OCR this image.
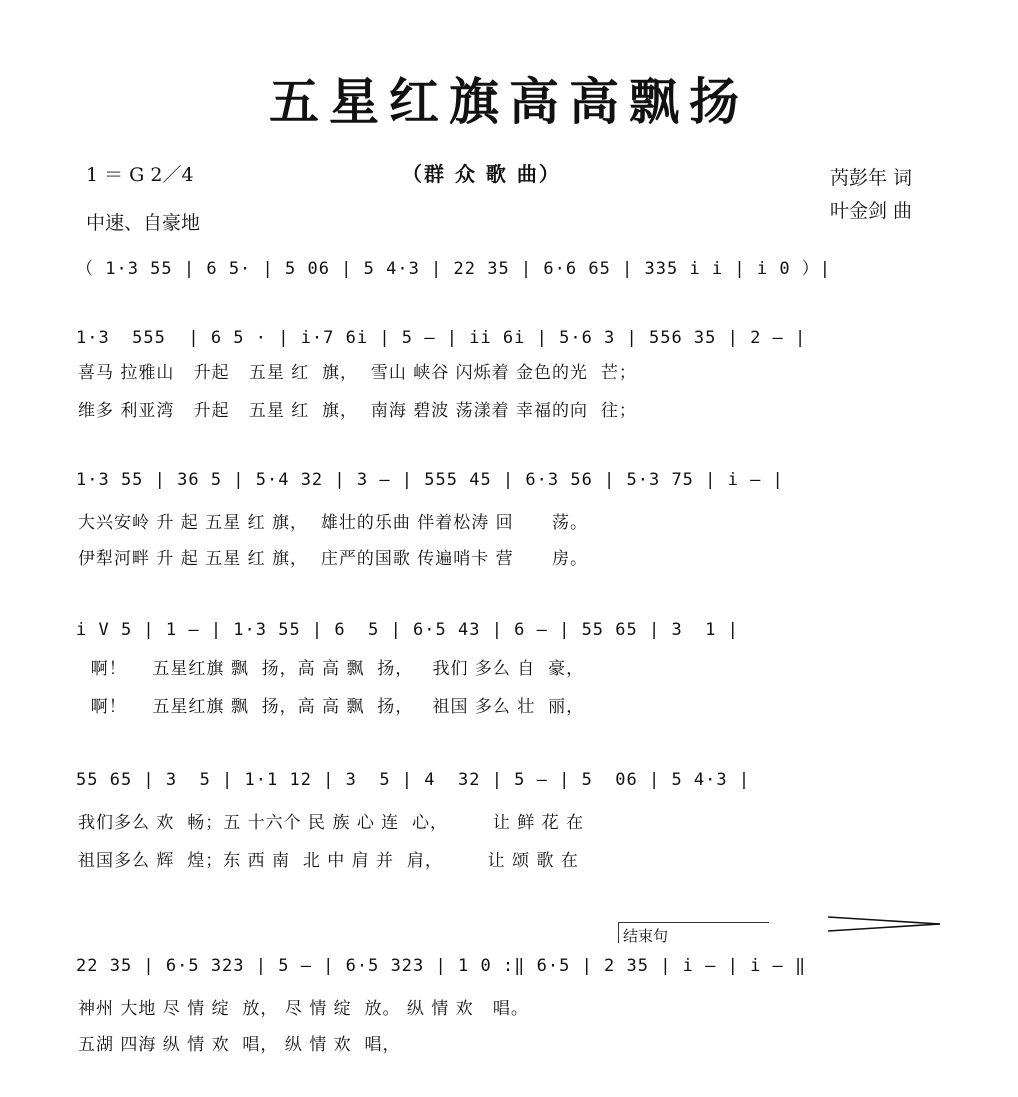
五星红旗高高飘扬
1 ＝ G 2／4	（群 众 歌 曲）
中速、自豪地
芮彭年 词
叶金剑 曲
（ 1·3 55 | 6 5· | 5 06 | 5 4·3 | 22 35 | 6·6 65 | 335 i i | i 0 ）|
1·3  555  | 6 5 · | i·7 6i | 5 — | ii 6i | 5·6 3 | 556 35 | 2 — |
喜马 拉雅山   升起   五星 红  旗，  雪山 峡谷 闪烁着 金色的光  芒；
维多 利亚湾   升起   五星 红  旗，  南海 碧波 荡漾着 幸福的向  往；
1·3 55 | 36 5 | 5·4 32 | 3 — | 555 45 | 6·3 56 | 5·3 75 | i — |
大兴安岭 升 起 五星 红 旗，  雄壮的乐曲 伴着松涛 回      荡。
伊犁河畔 升 起 五星 红 旗，  庄严的国歌 传遍哨卡 营      房。
i V 5 | 1 — | 1·3 55 | 6  5 | 6·5 43 | 6 — | 55 65 | 3  1 |
啊！    五星红旗 飘  扬，高 高 飘  扬，   我们 多么 自  豪，
啊！    五星红旗 飘  扬，高 高 飘  扬，   祖国 多么 壮  丽，
55 65 | 3  5 | 1·1 12 | 3  5 | 4  32 | 5 — | 5  06 | 5 4·3 |
我们多么 欢  畅；五 十六个 民 族 心 连  心，       让 鲜 花 在
祖国多么 辉  煌；东 西 南  北 中 肩 并  肩，       让 颂 歌 在
结束句
22 35 | 6·5 323 | 5 — | 6·5 323 | 1 0 :‖ 6·5 | 2 35 | i — | i — ‖
神州 大地 尽 情 绽  放， 尽 情 绽  放。 纵 情 欢   唱。
五湖 四海 纵 情 欢  唱， 纵 情 欢  唱，
